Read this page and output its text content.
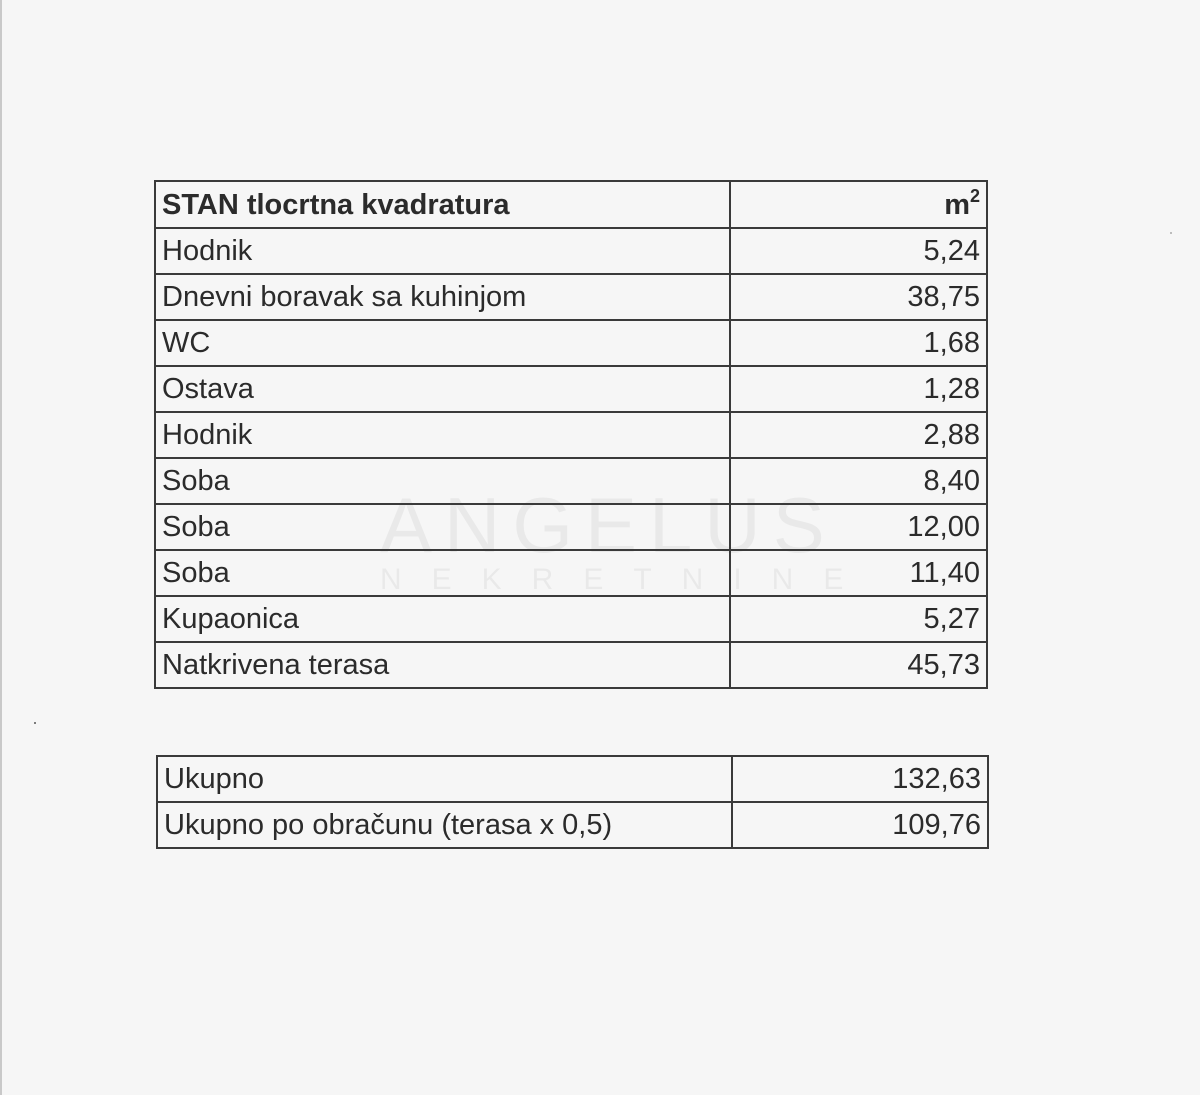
ANGELUS
NEKRETNINE
STAN tlocrtna kvadratura	$m^2$
Hodnik	5,24
Dnevni boravak sa kuhinjom	38,75
WC	1,68
Ostava	1,28
Hodnik	2,88
Soba	8,40
Soba	12,00
Soba	11,40
Kupaonica	5,27
Natkrivena terasa	45,73
Ukupno	132,63
Ukupno po obračunu (terasa x 0,5)	109,76
